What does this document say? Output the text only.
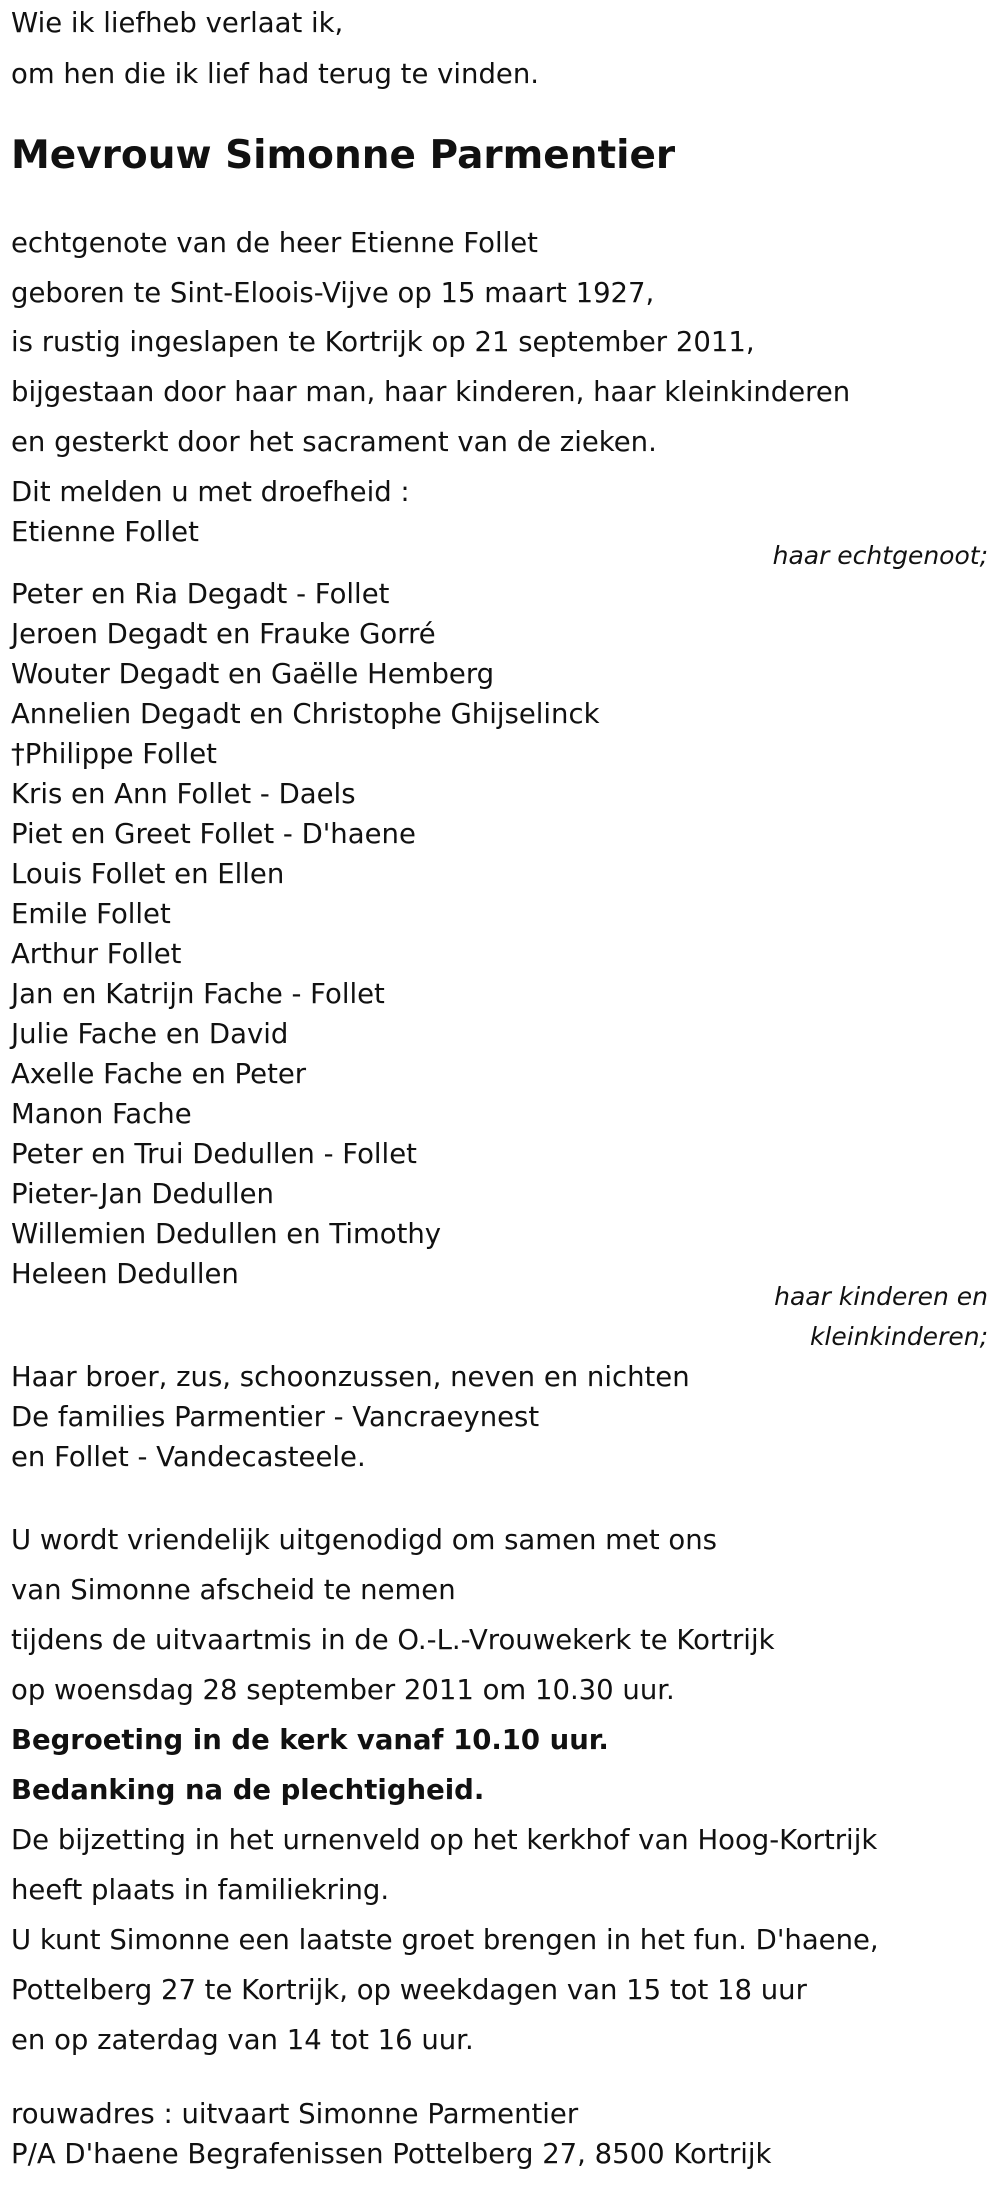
Wie ik liefheb verlaat ik,
om hen die ik lief had terug te vinden.
Mevrouw Simonne Parmentier
echtgenote van de heer Etienne Follet
geboren te Sint-Eloois-Vijve op 15 maart 1927,
is rustig ingeslapen te Kortrijk op 21 september 2011,
bijgestaan door haar man, haar kinderen, haar kleinkinderen
en gesterkt door het sacrament van de zieken.
Dit melden u met droefheid :
Etienne Follet
haar echtgenoot;
Peter en Ria Degadt - Follet
Jeroen Degadt en Frauke Gorré
Wouter Degadt en Gaëlle Hemberg
Annelien Degadt en Christophe Ghijselinck
†Philippe Follet
Kris en Ann Follet - Daels
Piet en Greet Follet - D'haene
Louis Follet en Ellen
Emile Follet
Arthur Follet
Jan en Katrijn Fache - Follet
Julie Fache en David
Axelle Fache en Peter
Manon Fache
Peter en Trui Dedullen - Follet
Pieter-Jan Dedullen
Willemien Dedullen en Timothy
Heleen Dedullen
haar kinderen en
kleinkinderen;
Haar broer, zus, schoonzussen, neven en nichten
De families Parmentier - Vancraeynest
en Follet - Vandecasteele.
U wordt vriendelijk uitgenodigd om samen met ons
van Simonne afscheid te nemen
tijdens de uitvaartmis in de O.-L.-Vrouwekerk te Kortrijk
op woensdag 28 september 2011 om 10.30 uur.
Begroeting in de kerk vanaf 10.10 uur.
Bedanking na de plechtigheid.
De bijzetting in het urnenveld op het kerkhof van Hoog-Kortrijk
heeft plaats in familiekring.
U kunt Simonne een laatste groet brengen in het fun. D'haene,
Pottelberg 27 te Kortrijk, op weekdagen van 15 tot 18 uur
en op zaterdag van 14 tot 16 uur.
rouwadres : uitvaart Simonne Parmentier
P/A D'haene Begrafenissen Pottelberg 27, 8500 Kortrijk
